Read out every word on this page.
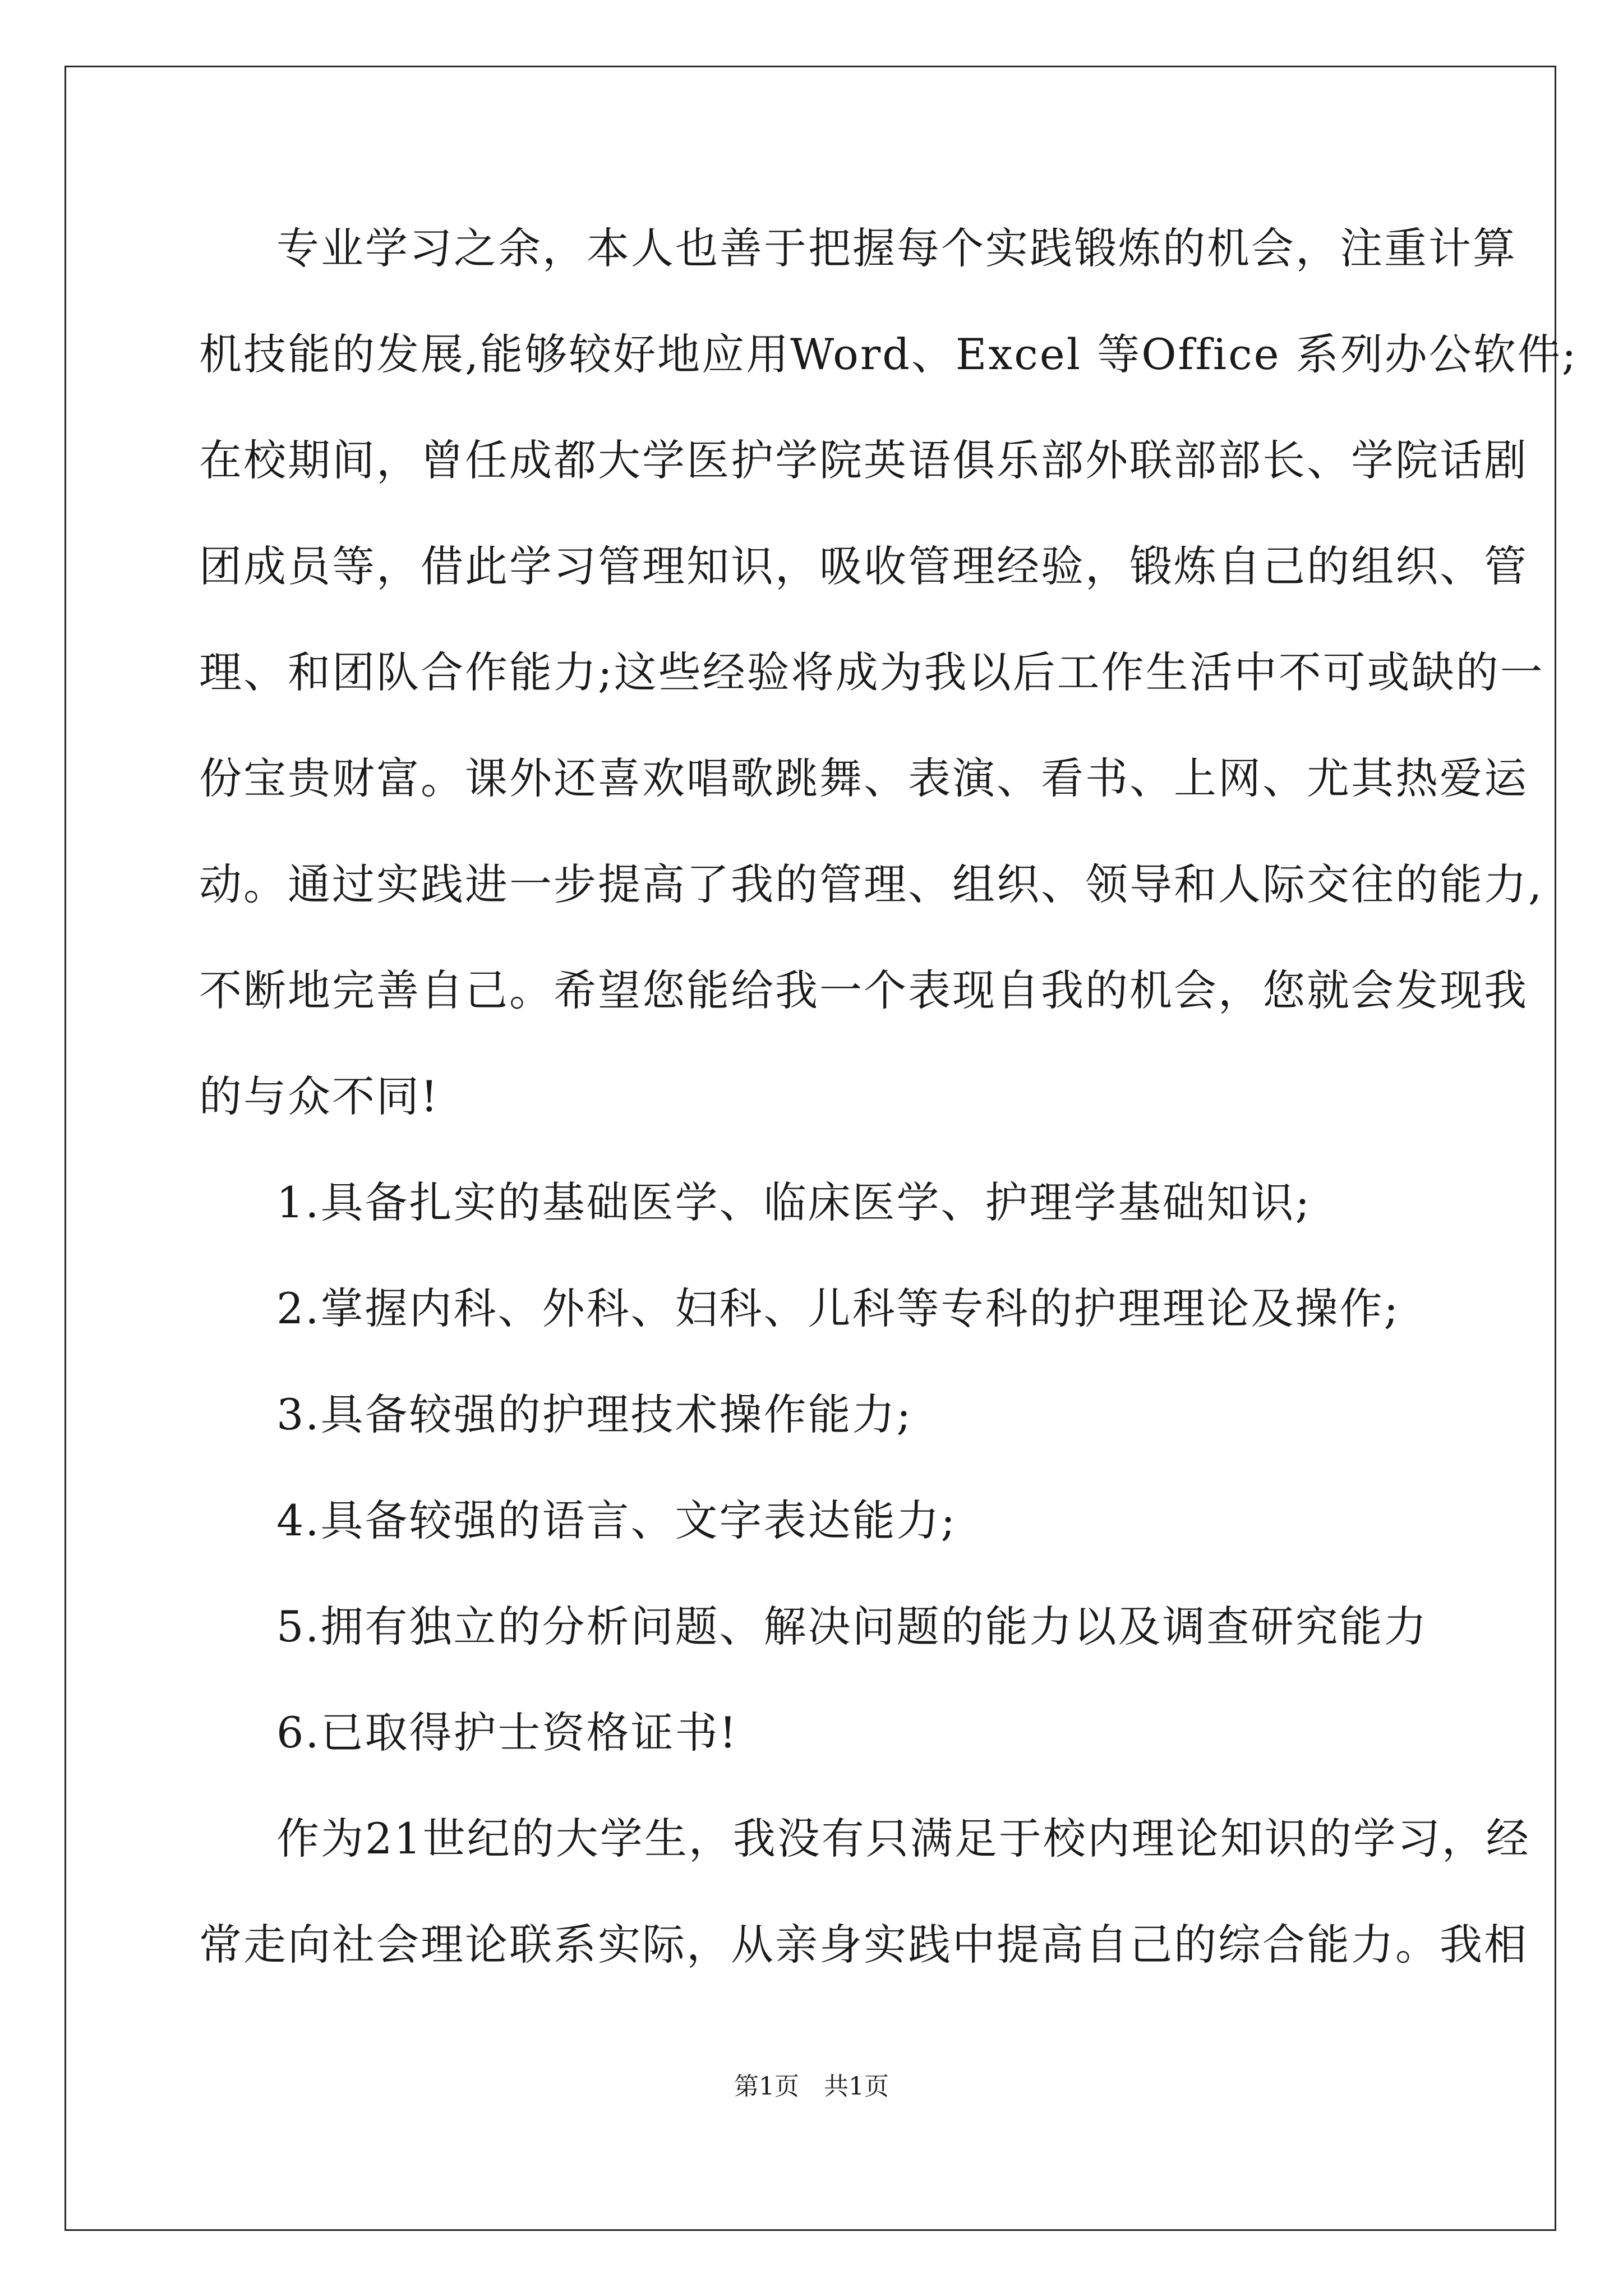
专业学习之余，本人也善于把握每个实践锻炼的机会，注重计算
机技能的发展,能够较好地应用Word、Excel 等Office 系列办公软件;
在校期间，曾任成都大学医护学院英语俱乐部外联部部长、学院话剧
团成员等，借此学习管理知识，吸收管理经验，锻炼自己的组织、管
理、和团队合作能力;这些经验将成为我以后工作生活中不可或缺的一
份宝贵财富。课外还喜欢唱歌跳舞、表演、看书、上网、尤其热爱运
动。通过实践进一步提高了我的管理、组织、领导和人际交往的能力,
不断地完善自己。希望您能给我一个表现自我的机会，您就会发现我
的与众不同!
1.具备扎实的基础医学、临床医学、护理学基础知识;
2.掌握内科、外科、妇科、儿科等专科的护理理论及操作;
3.具备较强的护理技术操作能力;
4.具备较强的语言、文字表达能力;
5.拥有独立的分析问题、解决问题的能力以及调查研究能力
6.已取得护士资格证书!
作为21世纪的大学生，我没有只满足于校内理论知识的学习，经
常走向社会理论联系实际，从亲身实践中提高自己的综合能力。我相
第1页 共1页
